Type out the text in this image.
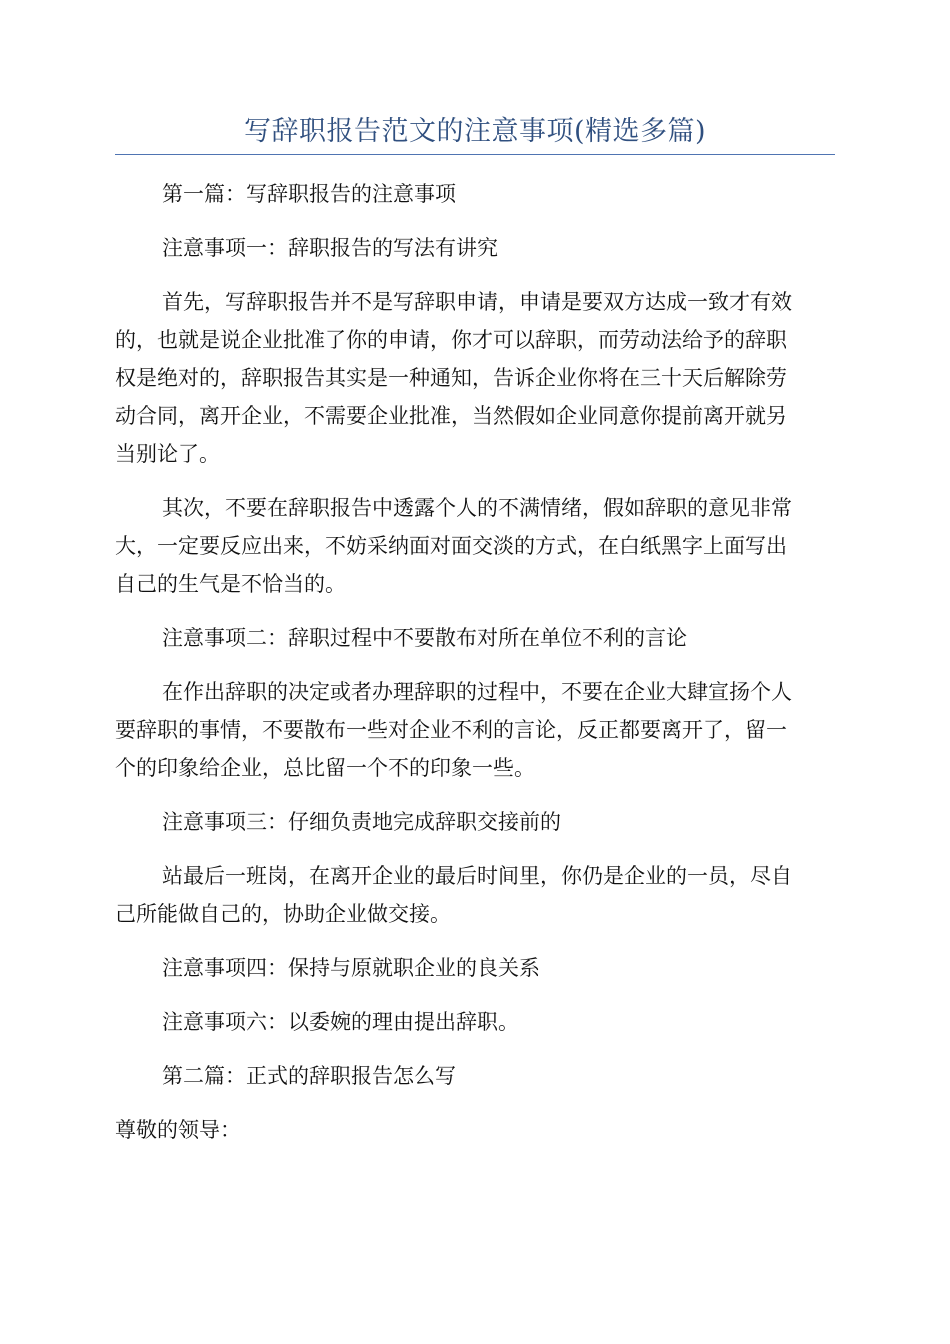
写辞职报告范文的注意事项(精选多篇)
第一篇：写辞职报告的注意事项
注意事项一：辞职报告的写法有讲究
首先，写辞职报告并不是写辞职申请，申请是要双方达成一致才有效
的，也就是说企业批准了你的申请，你才可以辞职，而劳动法给予的辞职
权是绝对的，辞职报告其实是一种通知，告诉企业你将在三十天后解除劳
动合同，离开企业，不需要企业批准，当然假如企业同意你提前离开就另
当别论了。
其次，不要在辞职报告中透露个人的不满情绪，假如辞职的意见非常
大，一定要反应出来，不妨采纳面对面交淡的方式，在白纸黑字上面写出
自己的生气是不恰当的。
注意事项二：辞职过程中不要散布对所在单位不利的言论
在作出辞职的决定或者办理辞职的过程中，不要在企业大肆宣扬个人
要辞职的事情，不要散布一些对企业不利的言论，反正都要离开了，留一
个的印象给企业，总比留一个不的印象一些。
注意事项三：仔细负责地完成辞职交接前的
站最后一班岗，在离开企业的最后时间里，你仍是企业的一员，尽自
己所能做自己的，协助企业做交接。
注意事项四：保持与原就职企业的良关系
注意事项六：以委婉的理由提出辞职。
第二篇：正式的辞职报告怎么写
尊敬的领导：
